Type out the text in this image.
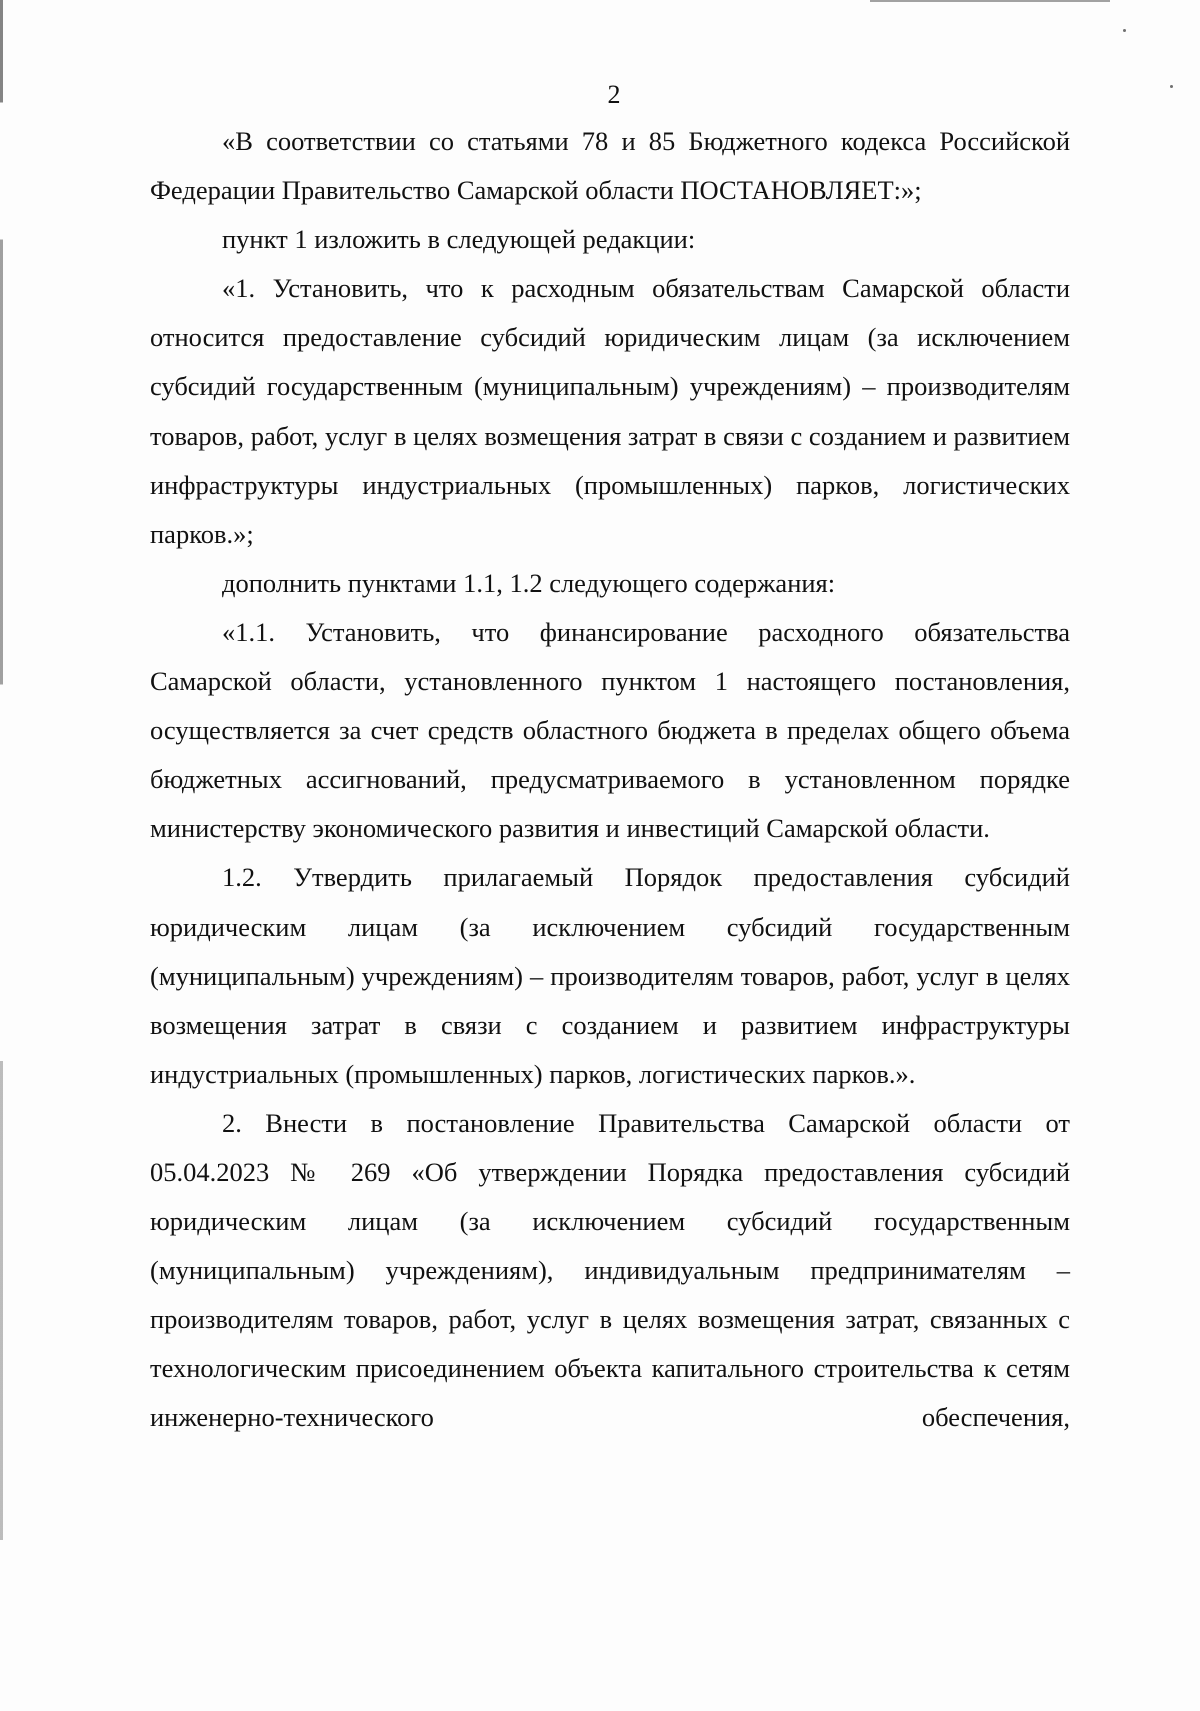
2

«В соответствии со статьями 78 и 85 Бюджетного кодекса Российской Федерации Правительство Самарской области ПОСТАНОВЛЯЕТ:»;

пункт 1 изложить в следующей редакции:

«1. Установить, что к расходным обязательствам Самарской области относится предоставление субсидий юридическим лицам (за исключением субсидий государственным (муниципальным) учреждениям) – производителям товаров, работ, услуг в целях возмещения затрат в связи с созданием и развитием инфраструктуры индустриальных (промышленных) парков, логистических парков.»;

дополнить пунктами 1.1, 1.2 следующего содержания:

«1.1. Установить, что финансирование расходного обязательства Самарской области, установленного пунктом 1 настоящего постановления, осуществляется за счет средств областного бюджета в пределах общего объема бюджетных ассигнований, предусматриваемого в установленном порядке министерству экономического развития и инвестиций Самарской области.

1.2. Утвердить прилагаемый Порядок предоставления субсидий юридическим лицам (за исключением субсидий государственным (муниципальным) учреждениям) – производителям товаров, работ, услуг в целях возмещения затрат в связи с созданием и развитием инфраструктуры индустриальных (промышленных) парков, логистических парков.».

2. Внести в постановление Правительства Самарской области от 05.04.2023 № 269 «Об утверждении Порядка предоставления субсидий юридическим лицам (за исключением субсидий государственным (муниципальным) учреждениям), индивидуальным предпринимателям – производителям товаров, работ, услуг в целях возмещения затрат, связанных с технологическим присоединением объекта капитального строительства к сетям инженерно-технического обеспечения,
